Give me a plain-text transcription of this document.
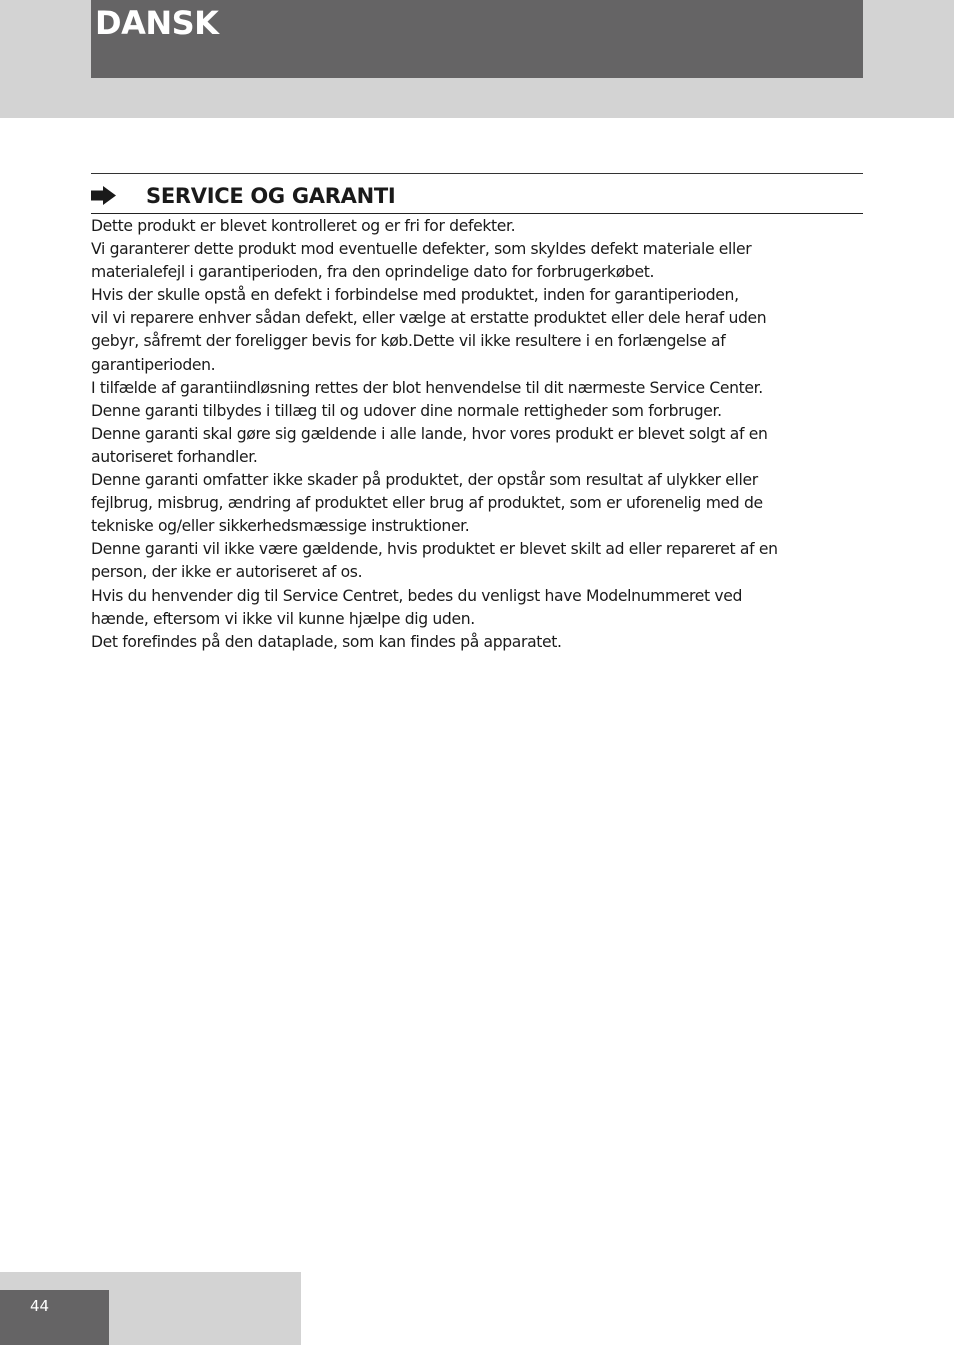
DANSK
SERVICE OG GARANTI
Dette produkt er blevet kontrolleret og er fri for defekter.
Vi garanterer dette produkt mod eventuelle defekter, som skyldes defekt materiale eller
materialefejl i garantiperioden, fra den oprindelige dato for forbrugerkøbet.
Hvis der skulle opstå en defekt i forbindelse med produktet, inden for garantiperioden,
vil vi reparere enhver sådan defekt, eller vælge at erstatte produktet eller dele heraf uden
gebyr, såfremt der foreligger bevis for køb.Dette vil ikke resultere i en forlængelse af
garantiperioden.
I tilfælde af garantiindløsning rettes der blot henvendelse til dit nærmeste Service Center.
Denne garanti tilbydes i tillæg til og udover dine normale rettigheder som forbruger.
Denne garanti skal gøre sig gældende i alle lande, hvor vores produkt er blevet solgt af en
autoriseret forhandler.
Denne garanti omfatter ikke skader på produktet, der opstår som resultat af ulykker eller
fejlbrug, misbrug, ændring af produktet eller brug af produktet, som er uforenelig med de
tekniske og/eller sikkerhedsmæssige instruktioner.
Denne garanti vil ikke være gældende, hvis produktet er blevet skilt ad eller repareret af en
person, der ikke er autoriseret af os.
Hvis du henvender dig til Service Centret, bedes du venligst have Modelnummeret ved
hænde, eftersom vi ikke vil kunne hjælpe dig uden.
Det forefindes på den dataplade, som kan findes på apparatet.
44
